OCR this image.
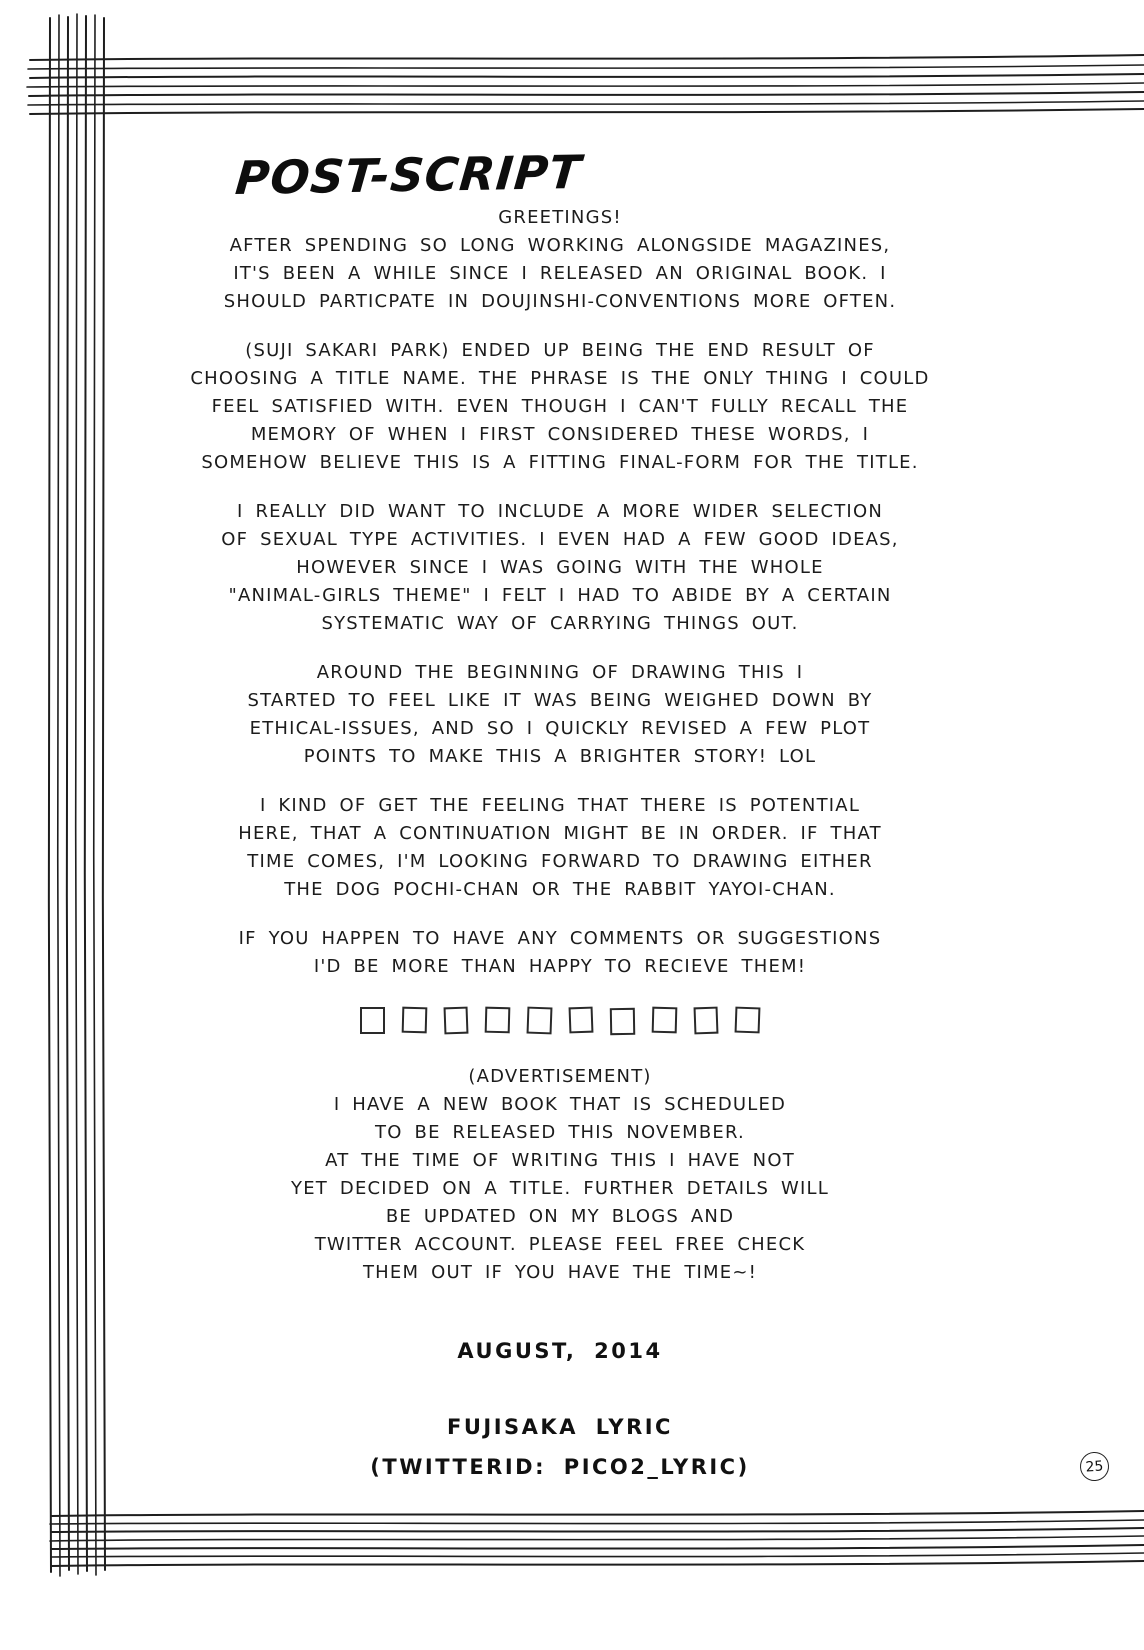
POST-SCRIPT
GREETINGS!
AFTER SPENDING SO LONG WORKING ALONGSIDE MAGAZINES,
IT'S BEEN A WHILE SINCE I RELEASED AN ORIGINAL BOOK. I
SHOULD PARTICPATE IN DOUJINSHI-CONVENTIONS MORE OFTEN.
(SUJI SAKARI PARK) ENDED UP BEING THE END RESULT OF
CHOOSING A TITLE NAME. THE PHRASE IS THE ONLY THING I COULD
FEEL SATISFIED WITH. EVEN THOUGH I CAN'T FULLY RECALL THE
MEMORY OF WHEN I FIRST CONSIDERED THESE WORDS, I
SOMEHOW BELIEVE THIS IS A FITTING FINAL-FORM FOR THE TITLE.
I REALLY DID WANT TO INCLUDE A MORE WIDER SELECTION
OF SEXUAL TYPE ACTIVITIES. I EVEN HAD A FEW GOOD IDEAS,
HOWEVER SINCE I WAS GOING WITH THE WHOLE
"ANIMAL-GIRLS THEME" I FELT I HAD TO ABIDE BY A CERTAIN
SYSTEMATIC WAY OF CARRYING THINGS OUT.
AROUND THE BEGINNING OF DRAWING THIS I
STARTED TO FEEL LIKE IT WAS BEING WEIGHED DOWN BY
ETHICAL-ISSUES, AND SO I QUICKLY REVISED A FEW PLOT
POINTS TO MAKE THIS A BRIGHTER STORY! LOL
I KIND OF GET THE FEELING THAT THERE IS POTENTIAL
HERE, THAT A CONTINUATION MIGHT BE IN ORDER. IF THAT
TIME COMES, I'M LOOKING FORWARD TO DRAWING EITHER
THE DOG POCHI-CHAN OR THE RABBIT YAYOI-CHAN.
IF YOU HAPPEN TO HAVE ANY COMMENTS OR SUGGESTIONS
I'D BE MORE THAN HAPPY TO RECIEVE THEM!
(ADVERTISEMENT)
I HAVE A NEW BOOK THAT IS SCHEDULED
TO BE RELEASED THIS NOVEMBER.
AT THE TIME OF WRITING THIS I HAVE NOT
YET DECIDED ON A TITLE. FURTHER DETAILS WILL
BE UPDATED ON MY BLOGS AND
TWITTER ACCOUNT. PLEASE FEEL FREE CHECK
THEM OUT IF YOU HAVE THE TIME~!
AUGUST, 2014
FUJISAKA LYRIC
(TWITTERID: PICO2_LYRIC)	25
